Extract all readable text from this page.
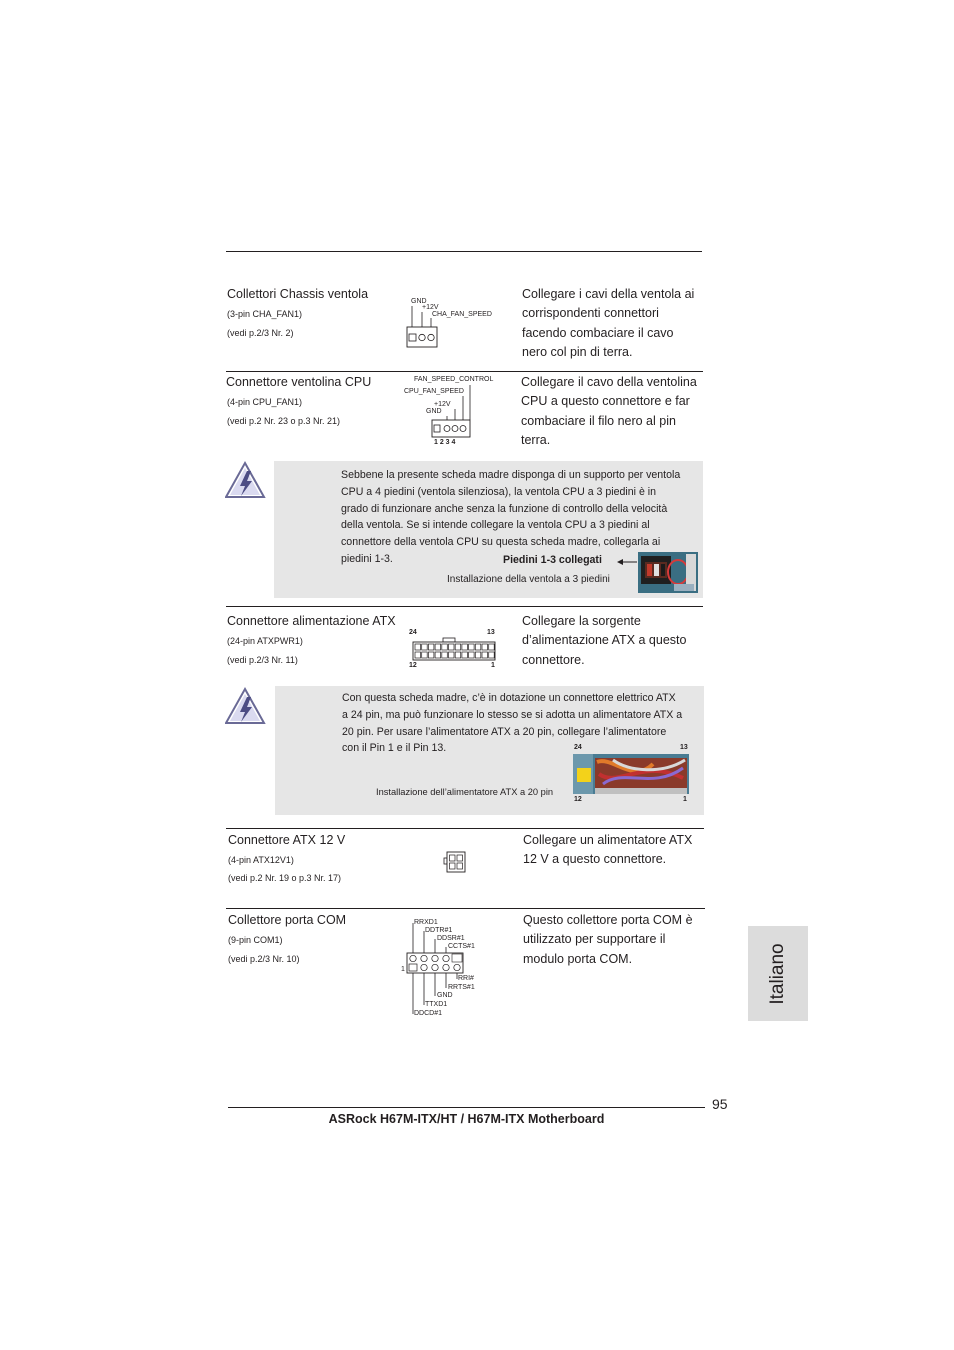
Collettori Chassis ventola
(3-pin CHA_FAN1)
(vedi p.2/3 Nr. 2)
Collegare i cavi della ventola ai
corrispondenti connettori
facendo combaciare il cavo
nero col pin di terra.
GND
+12V
CHA_FAN_SPEED
Connettore ventolina CPU
(4-pin CPU_FAN1)
(vedi p.2 Nr. 23 o p.3 Nr. 21)
Collegare il cavo della ventolina
CPU a questo connettore e far
combaciare il filo nero al pin
terra.
FAN_SPEED_CONTROL
CPU_FAN_SPEED
+12V
GND
1 2 3 4
Sebbene la presente scheda madre disponga di un supporto per ventola
CPU a 4 piedini (ventola silenziosa), la ventola CPU a 3 piedini è in
grado di funzionare anche senza la funzione di controllo della velocità
della ventola. Se si intende collegare la ventola CPU a 3 piedini al
connettore della ventola CPU su questa scheda madre, collegarla ai
piedini 1-3.	Piedini 1-3 collegati
Installazione della ventola a 3 piedini
Connettore alimentazione ATX
(24-pin ATXPWR1)
(vedi p.2/3 Nr. 11)
Collegare la sorgente
d’alimentazione ATX a questo
connettore.
24	13
12	1
Con questa scheda madre, c’è in dotazione un connettore elettrico ATX
a 24 pin, ma può funzionare lo stesso se si adotta un alimentatore ATX a
20 pin. Per usare l’alimentatore ATX a 20 pin, collegare l’alimentatore
con il Pin 1 e il Pin 13.
Installazione dell’alimentatore ATX a 20 pin
24	13
12	1
Connettore ATX 12 V
(4-pin ATX12V1)
(vedi p.2 Nr. 19 o p.3 Nr. 17)
Collegare un alimentatore ATX
12 V a questo connettore.
Collettore porta COM
(9-pin COM1)
(vedi p.2/3 Nr. 10)
Questo collettore porta COM è
utilizzato per supportare il
modulo porta COM.
RRXD1
DDTR#1
DDSR#1
CCTS#1
1
RRI#
RRTS#1
GND
TTXD1
DDCD#1
Italiano
95
ASRock H67M-ITX/HT / H67M-ITX Motherboard
